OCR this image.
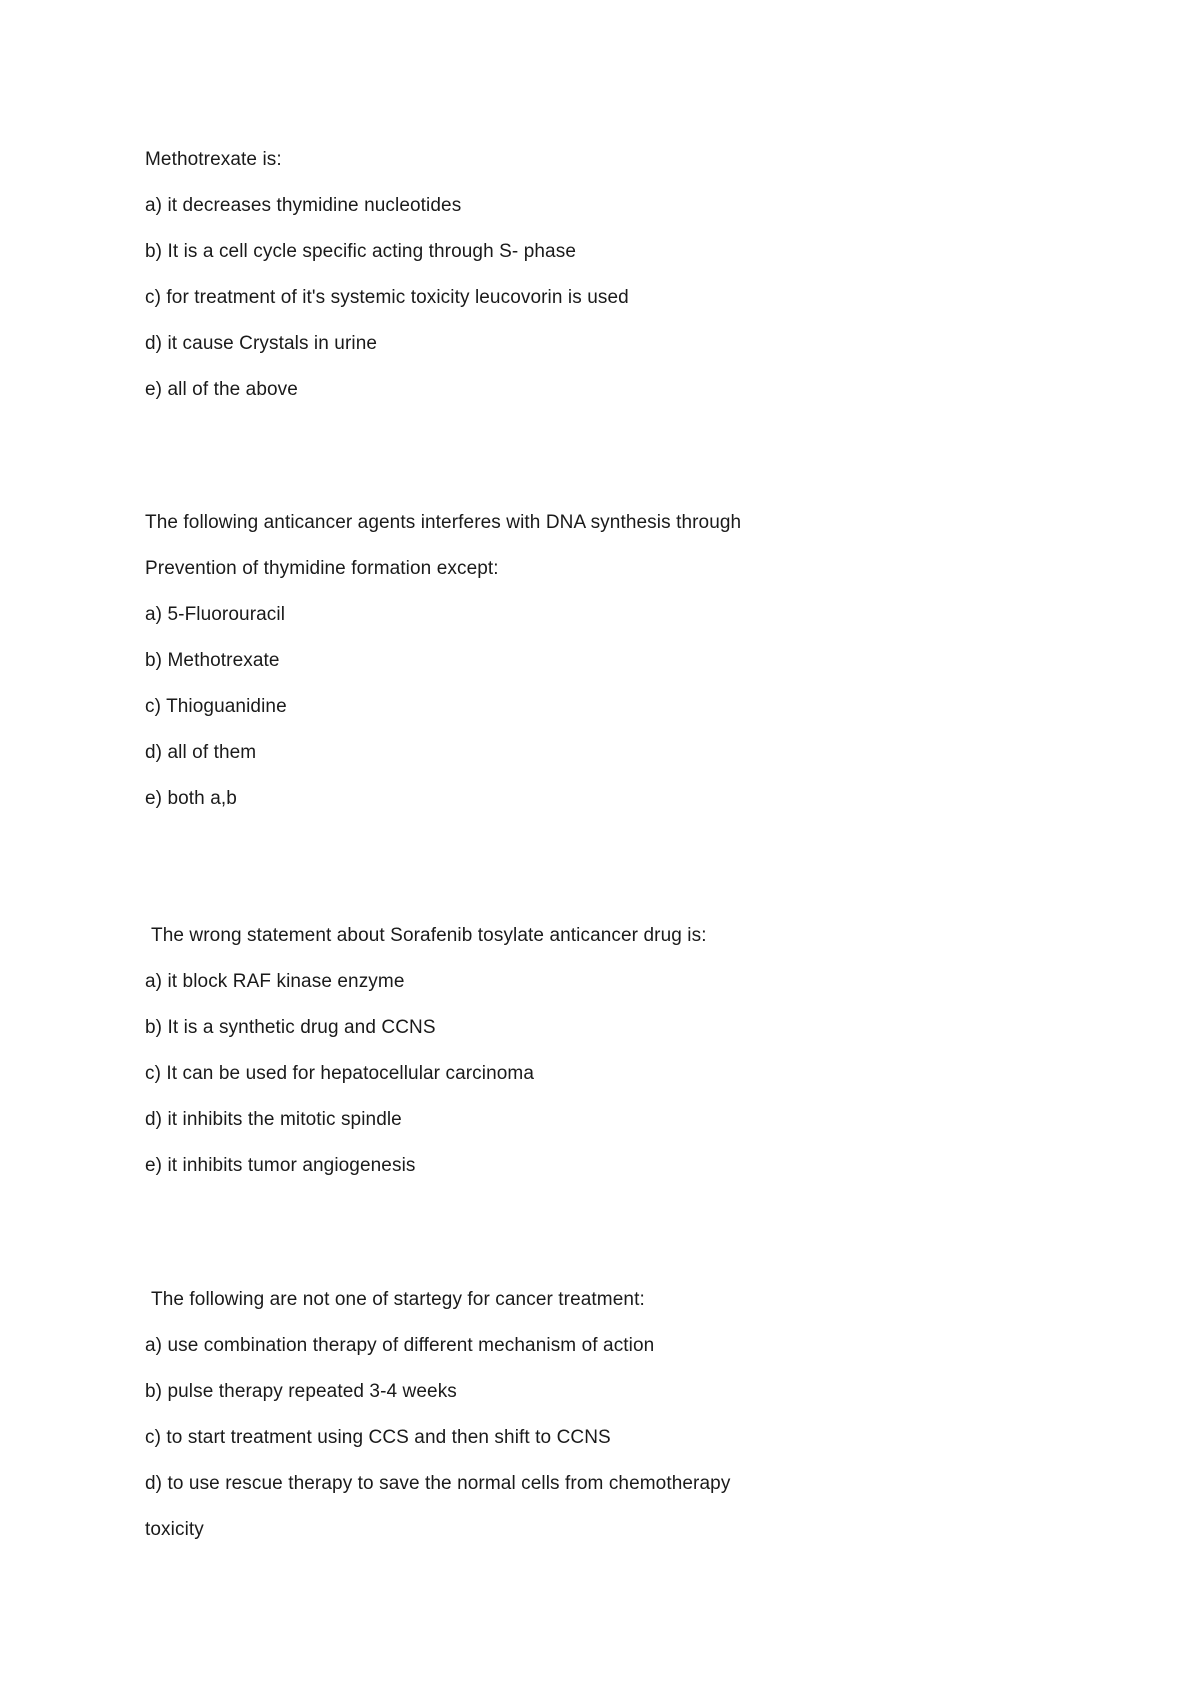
Methotrexate is:
a) it decreases thymidine nucleotides
b) It is a cell cycle specific acting through S- phase
c) for treatment of it's systemic toxicity leucovorin is used
d) it cause Crystals in urine
e) all of the above
The following anticancer agents interferes with DNA synthesis through
Prevention of thymidine formation except:
a) 5-Fluorouracil
b) Methotrexate
c) Thioguanidine
d) all of them
e) both a,b
The wrong statement about Sorafenib tosylate anticancer drug is:
a) it block RAF kinase enzyme
b) It is a synthetic drug and CCNS
c) It can be used for hepatocellular carcinoma
d) it inhibits the mitotic spindle
e) it inhibits tumor angiogenesis
The following are not one of startegy for cancer treatment:
a) use combination therapy of different mechanism of action
b) pulse therapy repeated 3-4 weeks
c) to start treatment using CCS and then shift to CCNS
d) to use rescue therapy to save the normal cells from chemotherapy
toxicity
